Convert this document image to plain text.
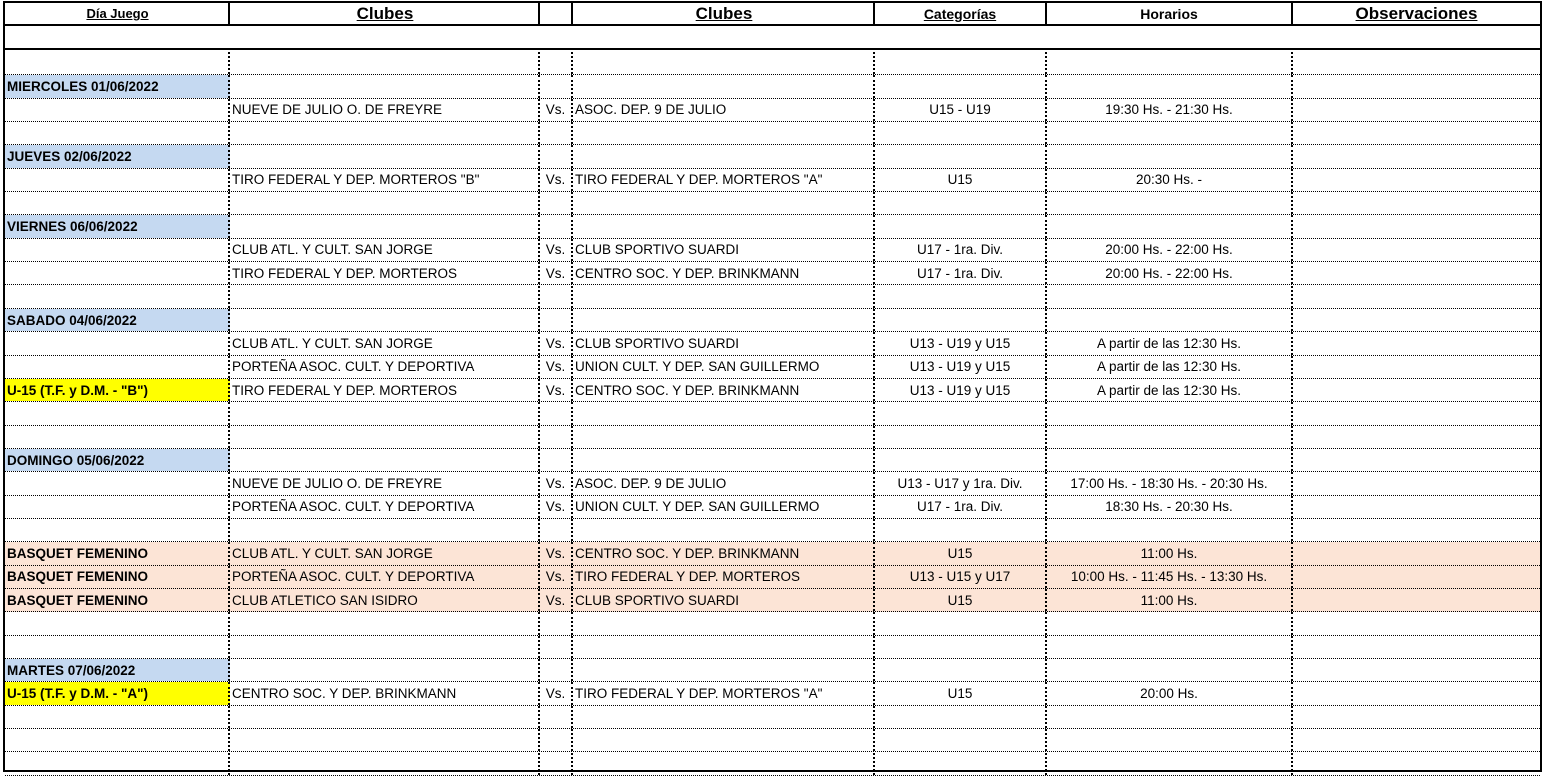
Día Juego	Clubes	Clubes	Categorías	Horarios	Observaciones
MIERCOLES 01/06/2022
NUEVE DE JULIO O. DE FREYRE	Vs. ASOC. DEP. 9 DE JULIO	U15 - U19	19:30 Hs. - 21:30 Hs.
JUEVES 02/06/2022
TIRO FEDERAL Y DEP. MORTEROS "B"	Vs. TIRO FEDERAL Y DEP. MORTEROS "A"	U15	20:30 Hs. -
VIERNES 06/06/2022
CLUB ATL. Y CULT. SAN JORGE	Vs. CLUB SPORTIVO SUARDI	U17 - 1ra. Div.	20:00 Hs. - 22:00 Hs.
TIRO FEDERAL Y DEP. MORTEROS	Vs. CENTRO SOC. Y DEP. BRINKMANN	U17 - 1ra. Div.	20:00 Hs. - 22:00 Hs.
SABADO 04/06/2022
CLUB ATL. Y CULT. SAN JORGE	Vs. CLUB SPORTIVO SUARDI	U13 - U19 y U15	A partir de las 12:30 Hs.
PORTEÑA ASOC. CULT. Y DEPORTIVA	Vs. UNION CULT. Y DEP. SAN GUILLERMO	U13 - U19 y U15	A partir de las 12:30 Hs.
U-15 (T.F. y D.M. - "B")	TIRO FEDERAL Y DEP. MORTEROS	Vs. CENTRO SOC. Y DEP. BRINKMANN	U13 - U19 y U15	A partir de las 12:30 Hs.
DOMINGO 05/06/2022
NUEVE DE JULIO O. DE FREYRE	Vs. ASOC. DEP. 9 DE JULIO	U13 - U17 y 1ra. Div.	17:00 Hs. - 18:30 Hs. - 20:30 Hs.
PORTEÑA ASOC. CULT. Y DEPORTIVA	Vs. UNION CULT. Y DEP. SAN GUILLERMO	U17 - 1ra. Div.	18:30 Hs. - 20:30 Hs.
BASQUET FEMENINO	CLUB ATL. Y CULT. SAN JORGE	Vs. CENTRO SOC. Y DEP. BRINKMANN	U15	11:00 Hs.
BASQUET FEMENINO	PORTEÑA ASOC. CULT. Y DEPORTIVA	Vs. TIRO FEDERAL Y DEP. MORTEROS	U13 - U15 y U17	10:00 Hs. - 11:45 Hs. - 13:30 Hs.
BASQUET FEMENINO	CLUB ATLETICO SAN ISIDRO	Vs. CLUB SPORTIVO SUARDI	U15	11:00 Hs.
MARTES 07/06/2022
U-15 (T.F. y D.M. - "A")	CENTRO SOC. Y DEP. BRINKMANN	Vs. TIRO FEDERAL Y DEP. MORTEROS "A"	U15	20:00 Hs.
